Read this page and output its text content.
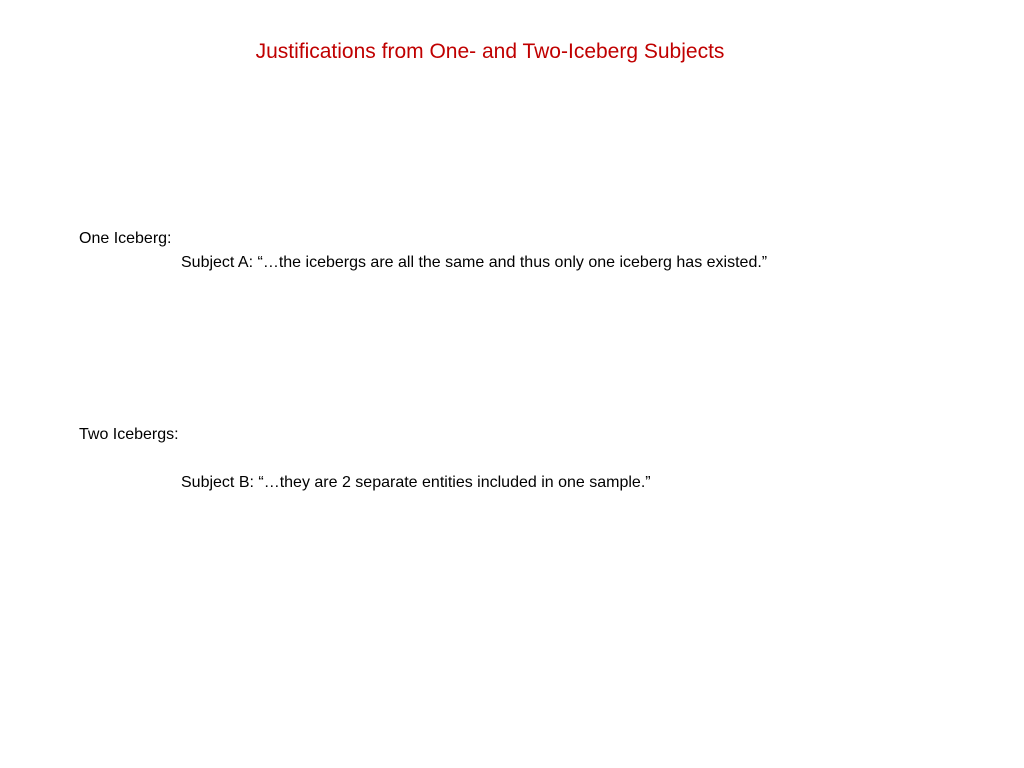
Justifications from One- and Two-Iceberg Subjects

One Iceberg:

Subject A: “…the icebergs are all the same and thus only one iceberg has existed.”

Two Icebergs:

Subject B: “…they are 2 separate entities included in one sample.”
